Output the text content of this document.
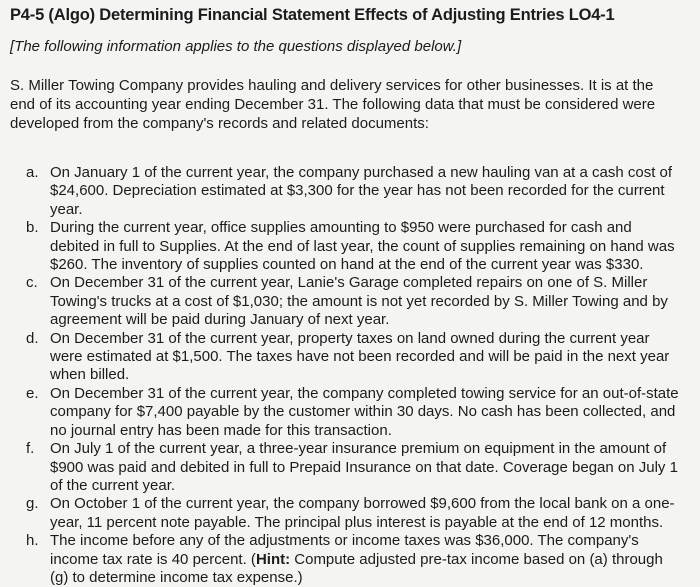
P4-5 (Algo) Determining Financial Statement Effects of Adjusting Entries LO4-1
[The following information applies to the questions displayed below.]
S. Miller Towing Company provides hauling and delivery services for other businesses. It is at the end of its accounting year ending December 31. The following data that must be considered were developed from the company's records and related documents:
a. On January 1 of the current year, the company purchased a new hauling van at a cash cost of $24,600. Depreciation estimated at $3,300 for the year has not been recorded for the current year.
b. During the current year, office supplies amounting to $950 were purchased for cash and debited in full to Supplies. At the end of last year, the count of supplies remaining on hand was $260. The inventory of supplies counted on hand at the end of the current year was $330.
c. On December 31 of the current year, Lanie's Garage completed repairs on one of S. Miller Towing's trucks at a cost of $1,030; the amount is not yet recorded by S. Miller Towing and by agreement will be paid during January of next year.
d. On December 31 of the current year, property taxes on land owned during the current year were estimated at $1,500. The taxes have not been recorded and will be paid in the next year when billed.
e. On December 31 of the current year, the company completed towing service for an out-of-state company for $7,400 payable by the customer within 30 days. No cash has been collected, and no journal entry has been made for this transaction.
f.	On July 1 of the current year, a three-year insurance premium on equipment in the amount of $900 was paid and debited in full to Prepaid Insurance on that date. Coverage began on July 1 of the current year.
g. On October 1 of the current year, the company borrowed $9,600 from the local bank on a one-year, 11 percent note payable. The principal plus interest is payable at the end of 12 months.
h. The income before any of the adjustments or income taxes was $36,000. The company's income tax rate is 40 percent. (Hint: Compute adjusted pre-tax income based on (a) through (g) to determine income tax expense.)
